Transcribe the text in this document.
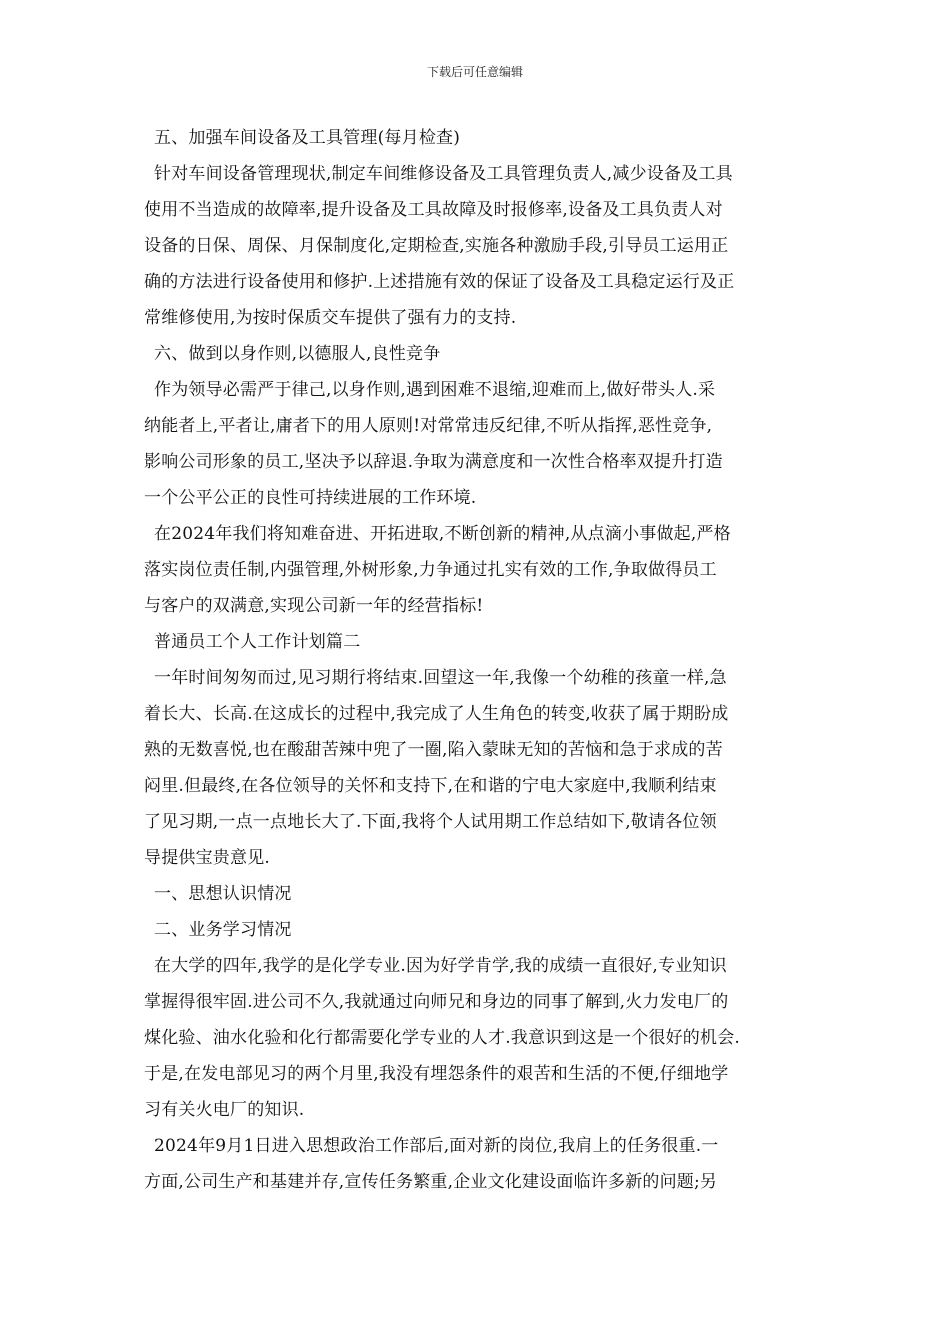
下载后可任意编辑
五、加强车间设备及工具管理(每月检查)
针对车间设备管理现状,制定车间维修设备及工具管理负责人,减少设备及工具
使用不当造成的故障率,提升设备及工具故障及时报修率,设备及工具负责人对
设备的日保、周保、月保制度化,定期检查,实施各种激励手段,引导员工运用正
确的方法进行设备使用和修护.上述措施有效的保证了设备及工具稳定运行及正
常维修使用,为按时保质交车提供了强有力的支持.
六、做到以身作则,以德服人,良性竞争
作为领导必需严于律己,以身作则,遇到困难不退缩,迎难而上,做好带头人.采
纳能者上,平者让,庸者下的用人原则!对常常违反纪律,不听从指挥,恶性竞争,
影响公司形象的员工,坚决予以辞退.争取为满意度和一次性合格率双提升打造
一个公平公正的良性可持续进展的工作环境.
在2024年我们将知难奋进、开拓进取,不断创新的精神,从点滴小事做起,严格
落实岗位责任制,内强管理,外树形象,力争通过扎实有效的工作,争取做得员工
与客户的双满意,实现公司新一年的经营指标!
普通员工个人工作计划篇二
一年时间匆匆而过,见习期行将结束.回望这一年,我像一个幼稚的孩童一样,急
着长大、长高.在这成长的过程中,我完成了人生角色的转变,收获了属于期盼成
熟的无数喜悦,也在酸甜苦辣中兜了一圈,陷入蒙昧无知的苦恼和急于求成的苦
闷里.但最终,在各位领导的关怀和支持下,在和谐的宁电大家庭中,我顺利结束
了见习期,一点一点地长大了.下面,我将个人试用期工作总结如下,敬请各位领
导提供宝贵意见.
一、思想认识情况
二、业务学习情况
在大学的四年,我学的是化学专业.因为好学肯学,我的成绩一直很好,专业知识
掌握得很牢固.进公司不久,我就通过向师兄和身边的同事了解到,火力发电厂的
煤化验、油水化验和化行都需要化学专业的人才.我意识到这是一个很好的机会.
于是,在发电部见习的两个月里,我没有埋怨条件的艰苦和生活的不便,仔细地学
习有关火电厂的知识.
2024年9月1日进入思想政治工作部后,面对新的岗位,我肩上的任务很重.一
方面,公司生产和基建并存,宣传任务繁重,企业文化建设面临许多新的问题;另
